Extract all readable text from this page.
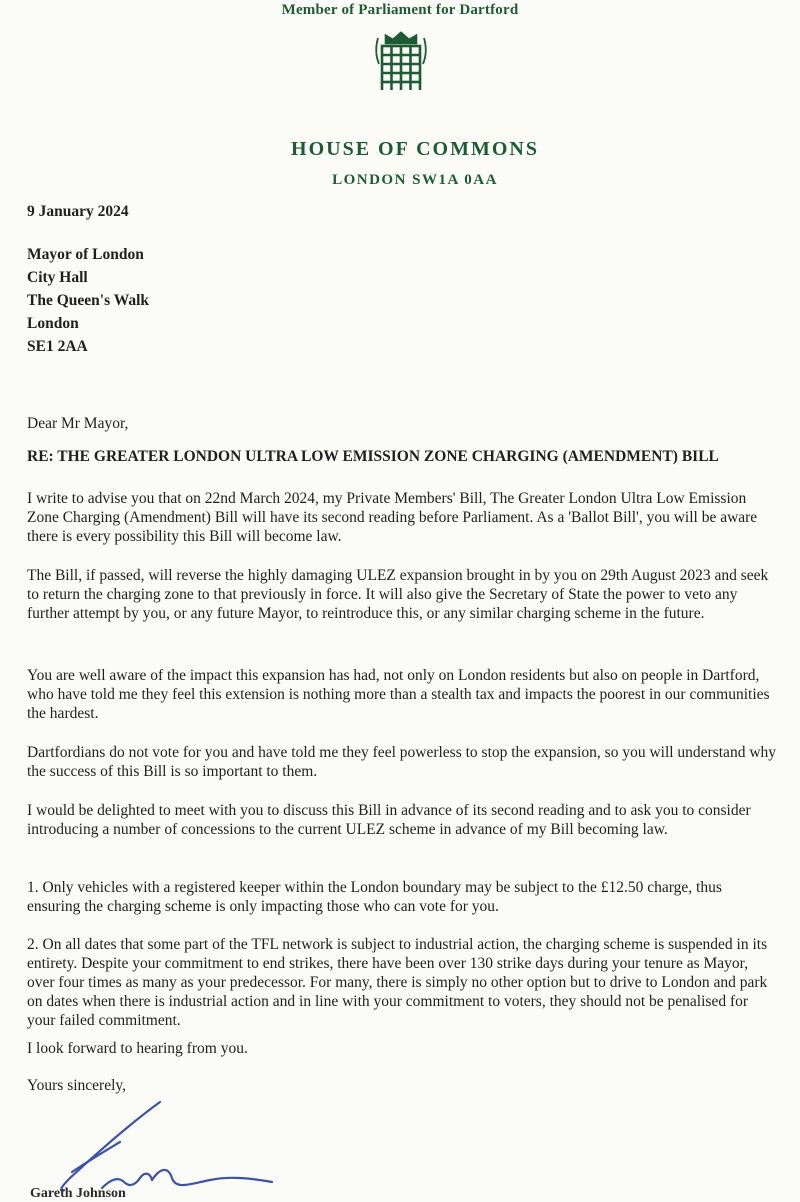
Member of Parliament for Dartford
HOUSE OF COMMONS
LONDON SW1A 0AA
9 January 2024
Mayor of London
City Hall
The Queen's Walk
London
SE1 2AA
Dear Mr Mayor,
RE: THE GREATER LONDON ULTRA LOW EMISSION ZONE CHARGING (AMENDMENT) BILL
I write to advise you that on 22nd March 2024, my Private Members' Bill, The Greater London Ultra Low Emission Zone Charging (Amendment) Bill will have its second reading before Parliament. As a 'Ballot Bill', you will be aware there is every possibility this Bill will become law.
The Bill, if passed, will reverse the highly damaging ULEZ expansion brought in by you on 29th August 2023 and seek to return the charging zone to that previously in force. It will also give the Secretary of State the power to veto any further attempt by you, or any future Mayor, to reintroduce this, or any similar charging scheme in the future.
You are well aware of the impact this expansion has had, not only on London residents but also on people in Dartford, who have told me they feel this extension is nothing more than a stealth tax and impacts the poorest in our communities the hardest.
Dartfordians do not vote for you and have told me they feel powerless to stop the expansion, so you will understand why the success of this Bill is so important to them.
I would be delighted to meet with you to discuss this Bill in advance of its second reading and to ask you to consider introducing a number of concessions to the current ULEZ scheme in advance of my Bill becoming law.
1. Only vehicles with a registered keeper within the London boundary may be subject to the £12.50 charge, thus ensuring the charging scheme is only impacting those who can vote for you.
2. On all dates that some part of the TFL network is subject to industrial action, the charging scheme is suspended in its entirety. Despite your commitment to end strikes, there have been over 130 strike days during your tenure as Mayor, over four times as many as your predecessor. For many, there is simply no other option but to drive to London and park on dates when there is industrial action and in line with your commitment to voters, they should not be penalised for your failed commitment.
I look forward to hearing from you.
Yours sincerely,
Gareth Johnson
